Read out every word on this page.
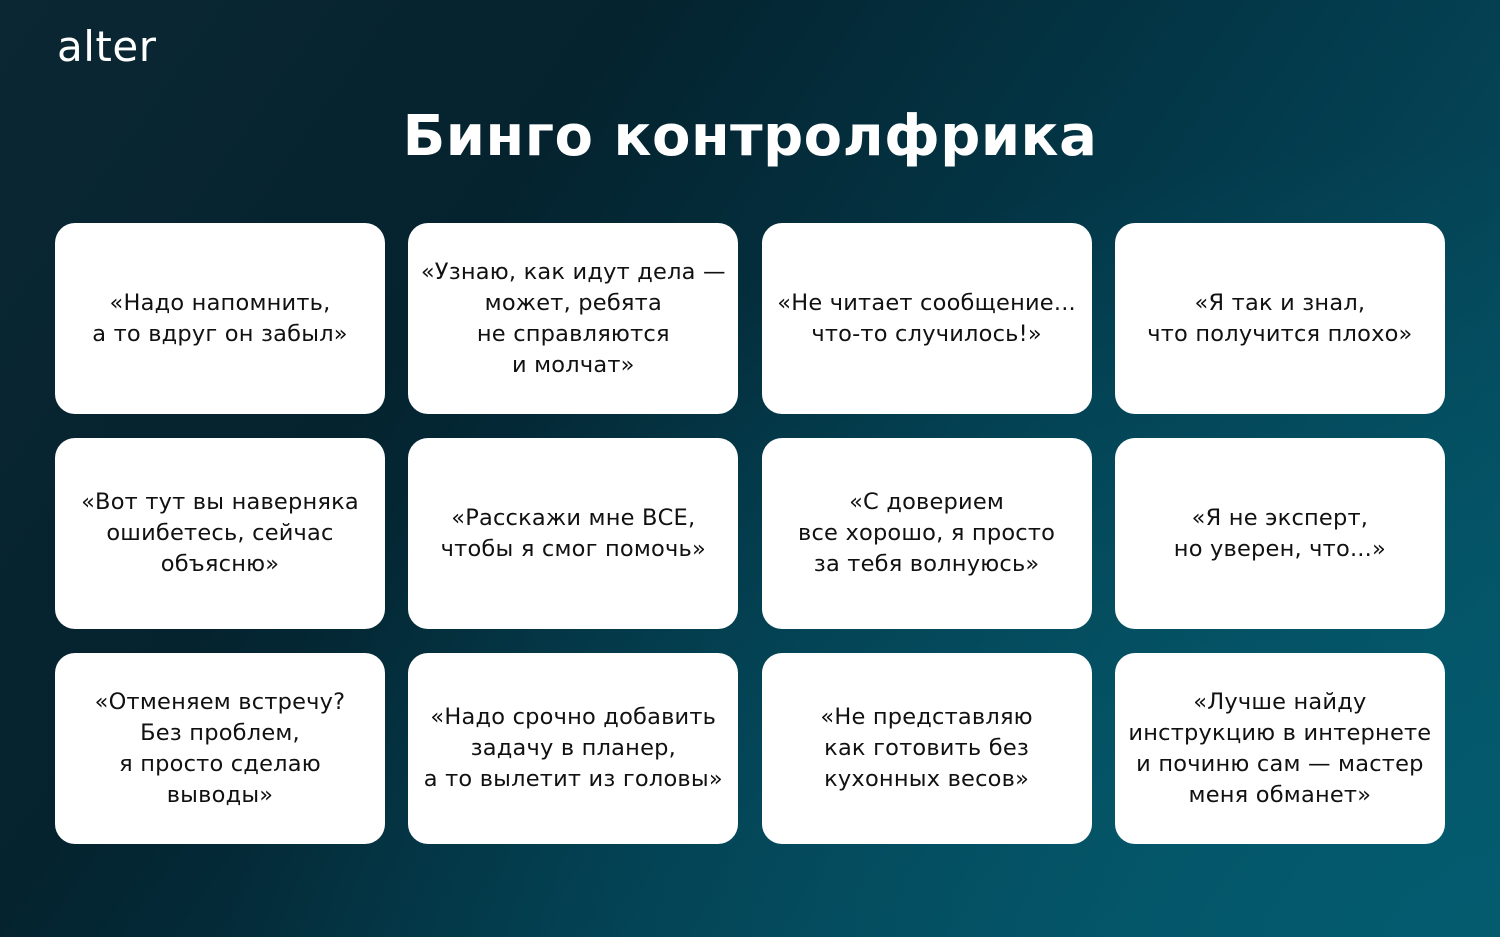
alter
Бинго контролфрика
«Надо напомнить,
а то вдруг он забыл»
«Узнаю, как идут дела —
может, ребята
не справляются
и молчат»
«Не читает сообщение...
что-то случилось!»
«Я так и знал,
что получится плохо»
«Вот тут вы наверняка
ошибетесь, сейчас
объясню»
«Расскажи мне ВСЕ,
чтобы я смог помочь»
«С доверием
все хорошо, я просто
за тебя волнуюсь»
«Я не эксперт,
но уверен, что...»
«Отменяем встречу?
Без проблем,
я просто сделаю выводы»
«Надо срочно добавить
задачу в планер,
а то вылетит из головы»
«Не представляю
как готовить без
кухонных весов»
«Лучше найду
инструкцию в интернете
и починю сам — мастер
меня обманет»
